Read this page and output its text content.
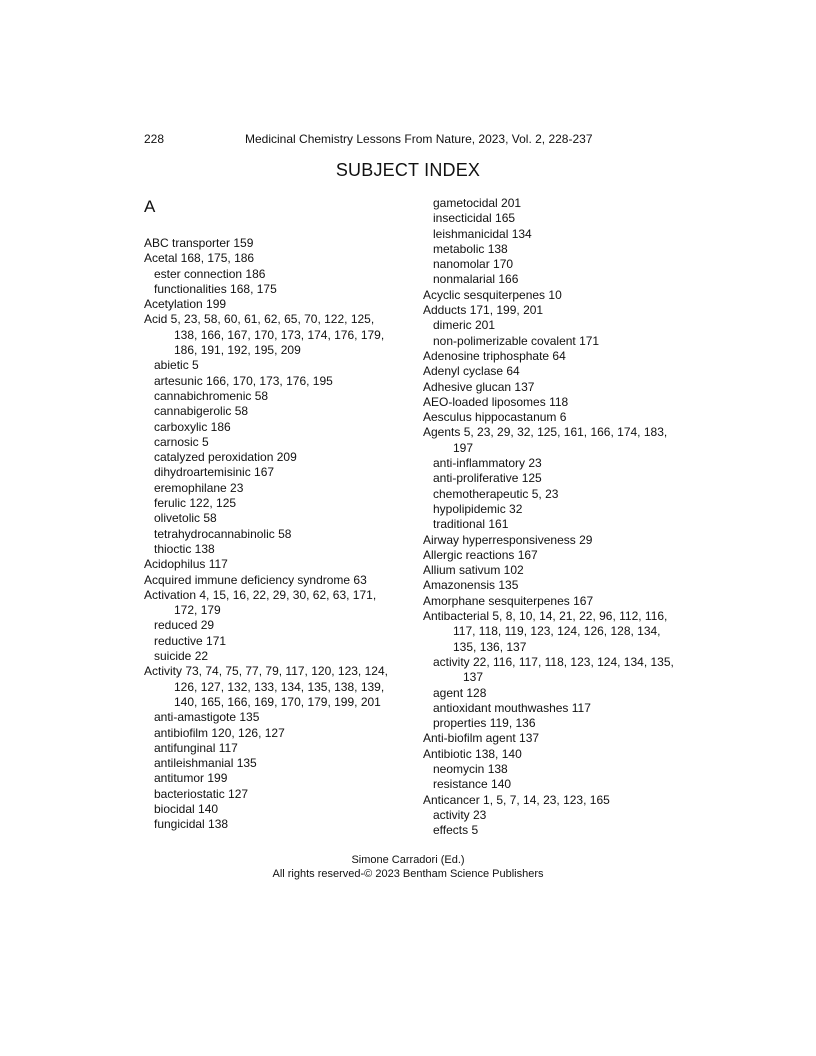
228	Medicinal Chemistry Lessons From Nature, 2023, Vol. 2, 228-237
SUBJECT INDEX
A
ABC transporter 159
Acetal 168, 175, 186
ester connection 186
functionalities 168, 175
Acetylation 199
Acid 5, 23, 58, 60, 61, 62, 65, 70, 122, 125, 138, 166, 167, 170, 173, 174, 176, 179, 186, 191, 192, 195, 209
abietic 5
artesunic 166, 170, 173, 176, 195
cannabichromenic 58
cannabigerolic 58
carboxylic 186
carnosic 5
catalyzed peroxidation 209
dihydroartemisinic 167
eremophilane 23
ferulic 122, 125
olivetolic 58
tetrahydrocannabinolic 58
thioctic 138
Acidophilus 117
Acquired immune deficiency syndrome 63
Activation 4, 15, 16, 22, 29, 30, 62, 63, 171, 172, 179
reduced 29
reductive 171
suicide 22
Activity 73, 74, 75, 77, 79, 117, 120, 123, 124, 126, 127, 132, 133, 134, 135, 138, 139, 140, 165, 166, 169, 170, 179, 199, 201
anti-amastigote 135
antibiofilm 120, 126, 127
antifunginal 117
antileishmanial 135
antitumor 199
bacteriostatic 127
biocidal 140
fungicidal 138
gametocidal 201
insecticidal 165
leishmanicidal 134
metabolic 138
nanomolar 170
nonmalarial 166
Acyclic sesquiterpenes 10
Adducts 171, 199, 201
dimeric 201
non-polimerizable covalent 171
Adenosine triphosphate 64
Adenyl cyclase 64
Adhesive glucan 137
AEO-loaded liposomes 118
Aesculus hippocastanum 6
Agents 5, 23, 29, 32, 125, 161, 166, 174, 183, 197
anti-inflammatory 23
anti-proliferative 125
chemotherapeutic 5, 23
hypolipidemic 32
traditional 161
Airway hyperresponsiveness 29
Allergic reactions 167
Allium sativum 102
Amazonensis 135
Amorphane sesquiterpenes 167
Antibacterial 5, 8, 10, 14, 21, 22, 96, 112, 116, 117, 118, 119, 123, 124, 126, 128, 134, 135, 136, 137
activity 22, 116, 117, 118, 123, 124, 134, 135, 137
agent 128
antioxidant mouthwashes 117
properties 119, 136
Anti-biofilm agent 137
Antibiotic 138, 140
neomycin 138
resistance 140
Anticancer 1, 5, 7, 14, 23, 123, 165
activity 23
effects 5
Simone Carradori (Ed.)
All rights reserved-© 2023 Bentham Science Publishers
